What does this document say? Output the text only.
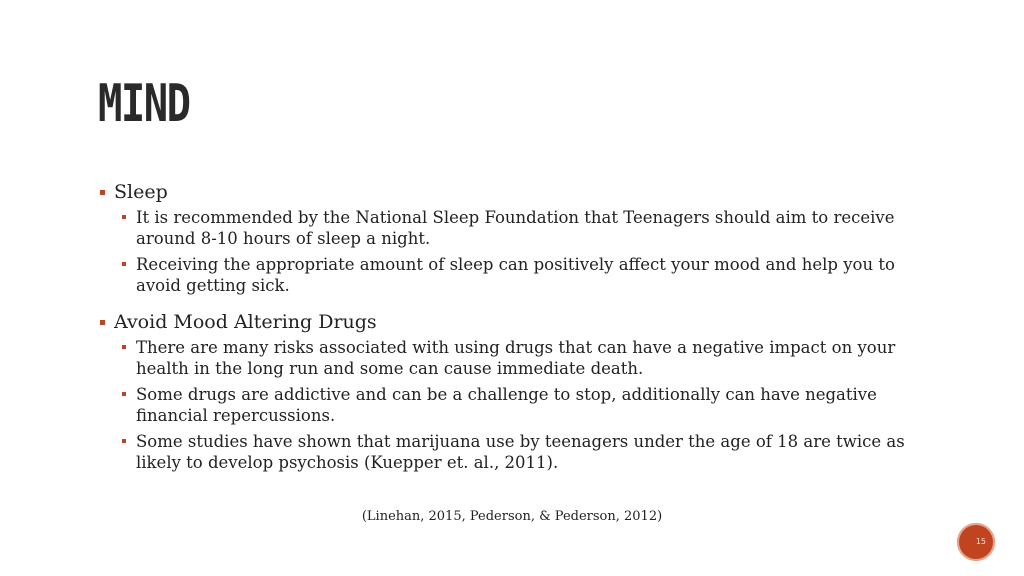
MIND
Sleep
It is recommended by the National Sleep Foundation that Teenagers should aim to receive around 8-10 hours of sleep a night.
Receiving the appropriate amount of sleep can positively affect your mood and help you to avoid getting sick.
Avoid Mood Altering Drugs
There are many risks associated with using drugs that can have a negative impact on your health in the long run and some can cause immediate death.
Some drugs are addictive and can be a challenge to stop, additionally can have negative financial repercussions.
Some studies have shown that marijuana use by teenagers under the age of 18 are twice as likely to develop psychosis (Kuepper et. al., 2011).
(Linehan, 2015, Pederson, & Pederson, 2012)
15
